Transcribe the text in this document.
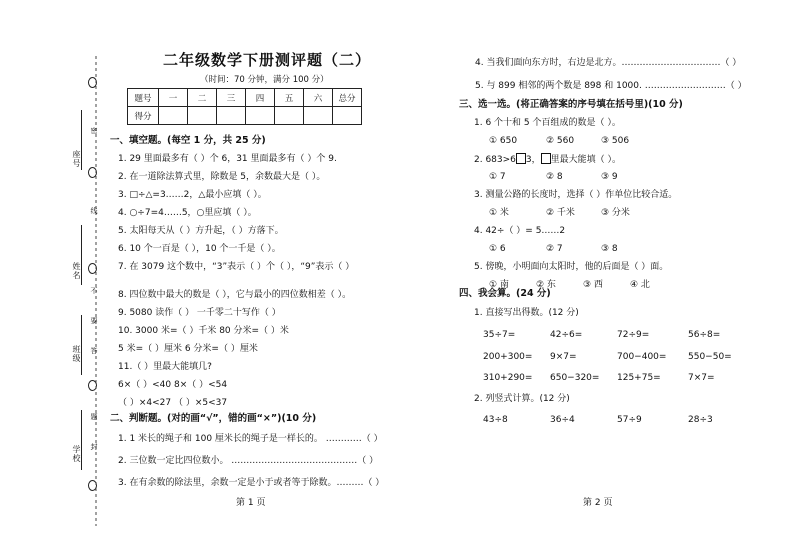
学校
班级
姓名
座号
密
线
不
要
答
题
封
二年级数学下册测评题（二）
（时间：70 分钟，满分 100 分）
题号	一	二	三	四	五	六	总分
得分							
一、填空题。(每空 1 分，共 25 分)
1. 29 里面最多有（ ）个 6，31 里面最多有（ ）个 9.
2. 在一道除法算式里，除数是 5，余数最大是（ ）。
3. □÷△=3……2，△最小应填（ ）。
4. ○÷7=4……5，○里应填（ ）。
5. 太阳每天从（ ）方升起，（ ）方落下。
6. 10 个一百是（ ），10 个一千是（ ）。
7. 在 3079 这个数中，“3”表示（ ）个（ ），“9”表示（ ）
8. 四位数中最大的数是（ ），它与最小的四位数相差（ ）。
9. 5080 读作（ ） 一千零二十写作（ ）
10. 3000 米=（ ）千米 80 分米=（ ）米
5 米=（ ）厘米 6 分米=（ ）厘米
11.（ ）里最大能填几?
6×（ ）<40 8×（ ）<54
（ ）×4<27 （ ）×5<37
二、判断题。(对的画“√”，错的画“×”)(10 分)
1. 1 米长的绳子和 100 厘米长的绳子是一样长的。 …………（ ）
2. 三位数一定比四位数小。 ……………………………………（ ）
3. 在有余数的除法里，余数一定是小于或者等于除数。………（ ）
第 1 页
4. 当我们面向东方时，右边是北方。……………………………（ ）
5. 与 899 相邻的两个数是 898 和 1000. ………………………（ ）
三、选一选。(将正确答案的序号填在括号里)(10 分)
1. 6 个十和 5 个百组成的数是（ ）。
① 650	② 560	③ 506
2. 683>6 3， 里最大能填（ ）。
① 7	② 8	③ 9
3. 测量公路的长度时，选择（ ）作单位比较合适。
① 米	② 千米	③ 分米
4. 42÷（ ）= 5……2
① 6	② 7	③ 8
5. 傍晚，小明面向太阳时，他的后面是（ ）面。
① 南	② 东	③ 西	④ 北
四、我会算。(24 分)
1. 直接写出得数。(12 分)
35÷7=	42÷6=	72÷9=	56÷8=
200+300= 9×7=	700−400= 550−50=
310+290= 650−320= 125+75=	7×7=
2. 列竖式计算。(12 分)
43÷8	36÷4	57÷9	28÷3
第 2 页
